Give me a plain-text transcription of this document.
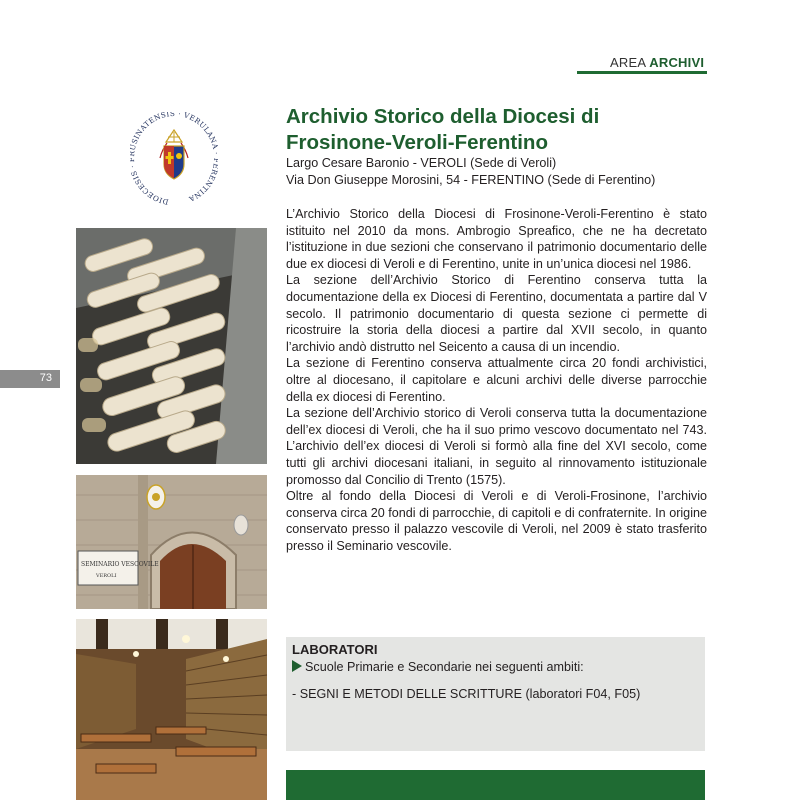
AREA ARCHIVI
73
DIOECESIS SINATENSIS · VERULAN ENTINA
Archivio Storico della Diocesi di Frosinone-Veroli-Ferentino
Largo Cesare Baronio - VEROLI (Sede di Veroli)
Via Don Giuseppe Morosini, 54 - FERENTINO (Sede di Ferentino)

L’Archivio Storico della Diocesi di Frosinone-Veroli-Ferentino è stato istituito nel 2010 da mons. Ambrogio Spreafico, che ne ha decretato l’istituzione in due sezioni che conservano il patrimonio documentario delle due ex diocesi di Veroli e di Ferentino, unite in un’unica diocesi nel 1986.

La sezione dell’Archivio Storico di Ferentino conserva tutta la documentazione della ex Diocesi di Ferentino, documentata a partire dal V secolo. Il patrimonio documentario di questa sezione ci permette di ricostruire la storia della diocesi a partire dal XVII secolo, in quanto l’archivio andò distrutto nel Seicento a causa di un incendio.

La sezione di Ferentino conserva attualmente circa 20 fondi archivistici, oltre al diocesano, il capitolare e alcuni archivi delle diverse parrocchie della ex diocesi di Ferentino.

La sezione dell’Archivio storico di Veroli conserva tutta la documentazione dell’ex diocesi di Veroli, che ha il suo primo vescovo documentato nel 743. L’archivio dell’ex diocesi di Veroli si formò alla fine del XVI secolo, come tutti gli archivi diocesani italiani, in seguito al rinnovamento istituzionale promosso dal Concilio di Trento (1575).

Oltre al fondo della Diocesi di Veroli e di Veroli-Frosinone, l’archivio conserva circa 20 fondi di parrocchie, di capitoli e di confraternite. In origine conservato presso il palazzo vescovile di Veroli, nel 2009 è stato trasferito presso il Seminario vescovile.

SEMINARIO VESCOVILE
VEROLI
LABORATORI
Scuole Primarie e Secondarie nei seguenti ambiti:
- SEGNI E METODI DELLE SCRITTURE (laboratori F04, F05)
